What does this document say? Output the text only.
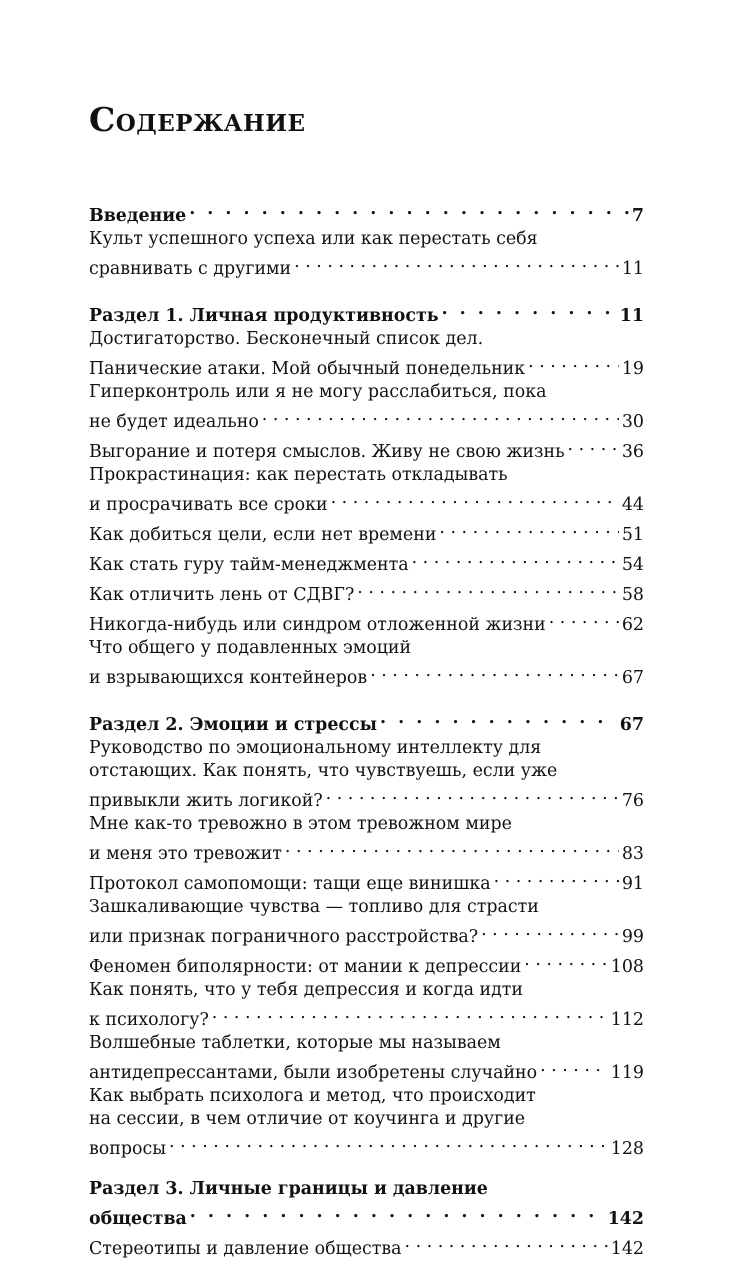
Содержание
Введение . . .	7
Культ успешного успеха или как перестать себя
сравнивать с другими . . .	11
Раздел 1. Личная продуктивность . . .	11
Достигаторство. Бесконечный список дел.
Панические атаки. Мой обычный понедельник . . .	19
Гиперконтроль или я не могу расслабиться, пока
не будет идеально . . .	30
Выгорание и потеря смыслов. Живу не свою жизнь . . .	36
Прокрастинация: как перестать откладывать
и просрачивать все сроки . . .	44
Как добиться цели, если нет времени . . .	51
Как стать гуру тайм-менеджмента . . .	54
Как отличить лень от СДВГ? . . .	58
Никогда-нибудь или синдром отложенной жизни . . .	62
Что общего у подавленных эмоций
и взрывающихся контейнеров . . .	67
Раздел 2. Эмоции и стрессы . . .	67
Руководство по эмоциональному интеллекту для
отстающих. Как понять, что чувствуешь, если уже
привыкли жить логикой? . . .	76
Мне как-то тревожно в этом тревожном мире
и меня это тревожит . . .	83
Протокол самопомощи: тащи еще винишка . . .	91
Зашкаливающие чувства — топливо для страсти
или признак пограничного расстройства? . . .	99
Феномен биполярности: от мании к депрессии . . .	108
Как понять, что у тебя депрессия и когда идти
к психологу? . . .	112
Волшебные таблетки, которые мы называем
антидепрессантами, были изобретены случайно . . .	119
Как выбрать психолога и метод, что происходит
на сессии, в чем отличие от коучинга и другие
вопросы . . .	128
Раздел 3. Личные границы и давление
общества . . .	142
Стереотипы и давление общества . . .	142
